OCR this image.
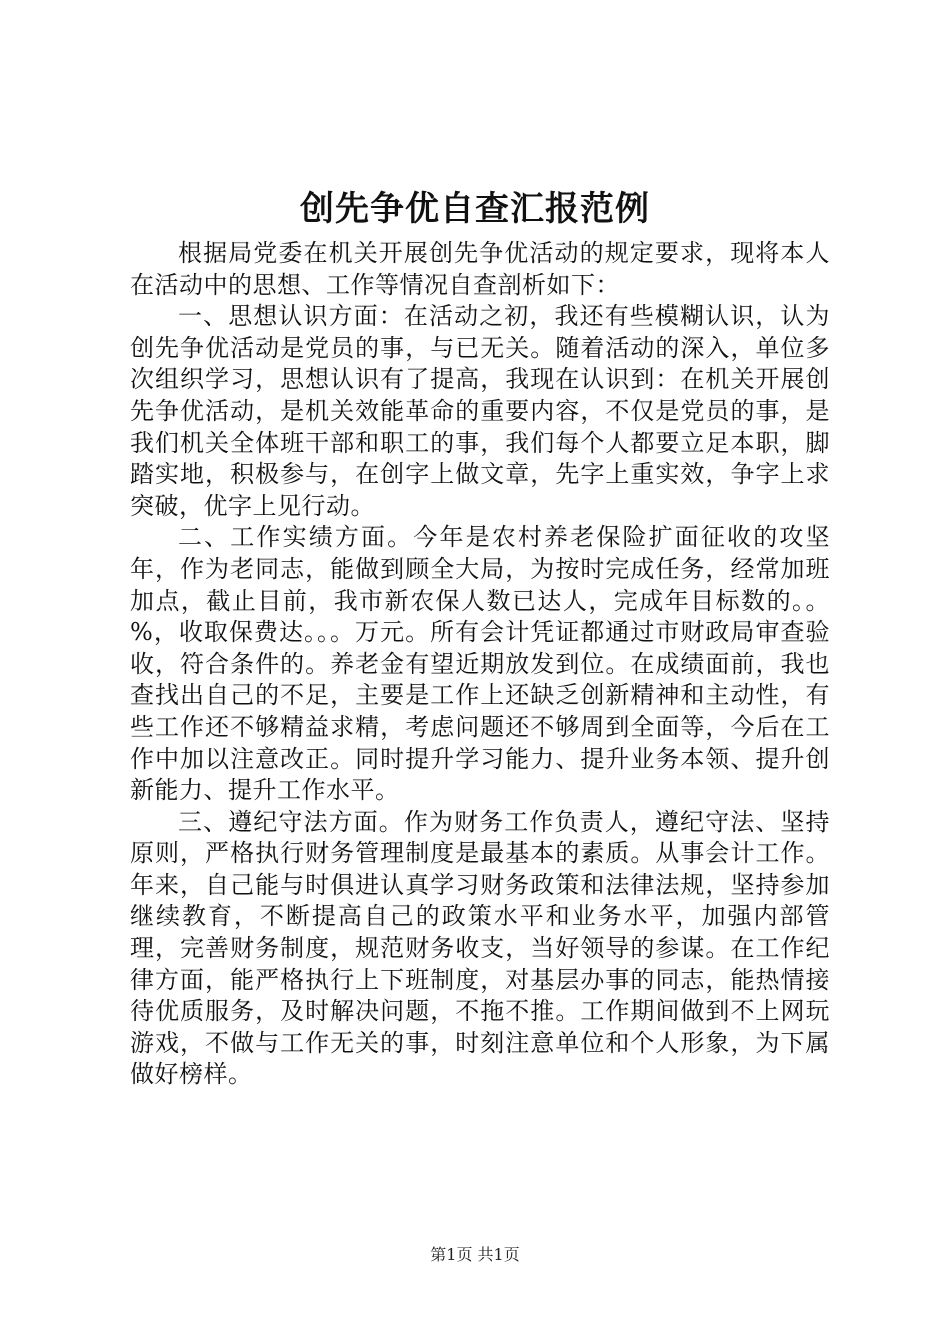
创先争优自查汇报范例

根据局党委在机关开展创先争优活动的规定要求，现将本人在活动中的思想、工作等情况自查剖析如下：

一、思想认识方面：在活动之初，我还有些模糊认识，认为创先争优活动是党员的事，与已无关。随着活动的深入，单位多次组织学习，思想认识有了提高，我现在认识到：在机关开展创先争优活动，是机关效能革命的重要内容，不仅是党员的事，是我们机关全体班干部和职工的事，我们每个人都要立足本职，脚踏实地，积极参与，在创字上做文章，先字上重实效，争字上求突破，优字上见行动。

二、工作实绩方面。今年是农村养老保险扩面征收的攻坚年，作为老同志，能做到顾全大局，为按时完成任务，经常加班加点，截止目前，我市新农保人数已达人，完成年目标数的。。%，收取保费达。。。万元。所有会计凭证都通过市财政局审查验收，符合条件的。养老金有望近期放发到位。在成绩面前，我也查找出自己的不足，主要是工作上还缺乏创新精神和主动性，有些工作还不够精益求精，考虑问题还不够周到全面等，今后在工作中加以注意改正。同时提升学习能力、提升业务本领、提升创新能力、提升工作水平。

三、遵纪守法方面。作为财务工作负责人，遵纪守法、坚持原则，严格执行财务管理制度是最基本的素质。从事会计工作。年来，自己能与时俱进认真学习财务政策和法律法规，坚持参加继续教育，不断提高自己的政策水平和业务水平，加强内部管理，完善财务制度，规范财务收支，当好领导的参谋。在工作纪律方面，能严格执行上下班制度，对基层办事的同志，能热情接待优质服务，及时解决问题，不拖不推。工作期间做到不上网玩游戏，不做与工作无关的事，时刻注意单位和个人形象，为下属做好榜样。

第1页 共1页
